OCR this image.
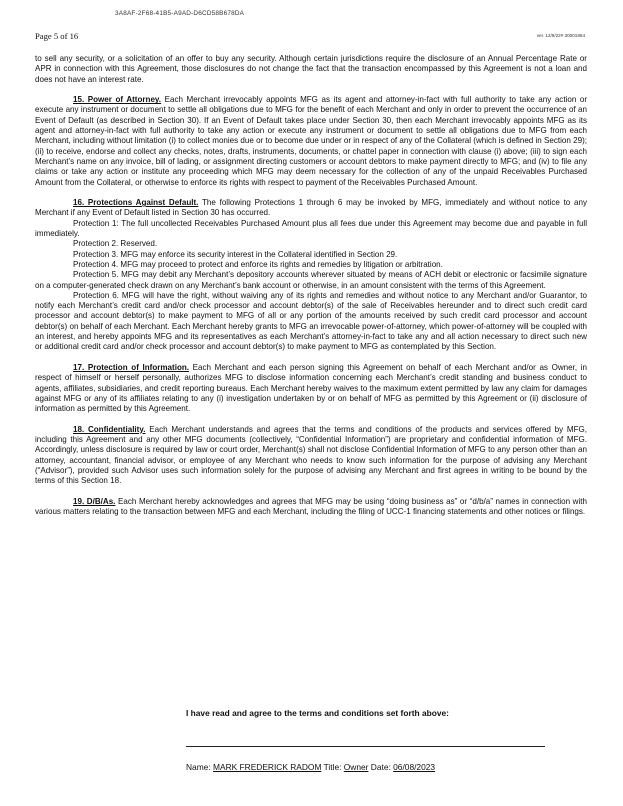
3A8AF-2F68-41B5-A9AD-D6CD58B678DA
Page 5 of 16	ver. 12/9/22# 30001864

to sell any security, or a solicitation of an offer to buy any security. Although certain jurisdictions require the disclosure of an Annual Percentage Rate or APR in connection with this Agreement, those disclosures do not change the fact that the transaction encompassed by this Agreement is not a loan and does not have an interest rate.

15. Power of Attorney. Each Merchant irrevocably appoints MFG as its agent and attorney-in-fact with full authority to take any action or execute any instrument or document to settle all obligations due to MFG for the benefit of each Merchant and only in order to prevent the occurrence of an Event of Default (as described in Section 30). If an Event of Default takes place under Section 30, then each Merchant irrevocably appoints MFG as its agent and attorney-in-fact with full authority to take any action or execute any instrument or document to settle all obligations due to MFG from each Merchant, including without limitation (i) to collect monies due or to become due under or in respect of any of the Collateral (which is defined in Section 29); (ii) to receive, endorse and collect any checks, notes, drafts, instruments, documents, or chattel paper in connection with clause (i) above; (iii) to sign each Merchant’s name on any invoice, bill of lading, or assignment directing customers or account debtors to make payment directly to MFG; and (iv) to file any claims or take any action or institute any proceeding which MFG may deem necessary for the collection of any of the unpaid Receivables Purchased Amount from the Collateral, or otherwise to enforce its rights with respect to payment of the Receivables Purchased Amount.

16. Protections Against Default. The following Protections 1 through 6 may be invoked by MFG, immediately and without notice to any Merchant if any Event of Default listed in Section 30 has occurred.

Protection 1: The full uncollected Receivables Purchased Amount plus all fees due under this Agreement may become due and payable in full immediately.

Protection 2. Reserved.

Protection 3. MFG may enforce its security interest in the Collateral identified in Section 29.

Protection 4. MFG may proceed to protect and enforce its rights and remedies by litigation or arbitration.

Protection 5. MFG may debit any Merchant’s depository accounts wherever situated by means of ACH debit or electronic or facsimile signature on a computer-generated check drawn on any Merchant’s bank account or otherwise, in an amount consistent with the terms of this Agreement.

Protection 6. MFG will have the right, without waiving any of its rights and remedies and without notice to any Merchant and/or Guarantor, to notify each Merchant’s credit card and/or check processor and account debtor(s) of the sale of Receivables hereunder and to direct such credit card processor and account debtor(s) to make payment to MFG of all or any portion of the amounts received by such credit card processor and account debtor(s) on behalf of each Merchant. Each Merchant hereby grants to MFG an irrevocable power-of-attorney, which power-of-attorney will be coupled with an interest, and hereby appoints MFG and its representatives as each Merchant’s attorney-in-fact to take any and all action necessary to direct such new or additional credit card and/or check processor and account debtor(s) to make payment to MFG as contemplated by this Section.

17. Protection of Information. Each Merchant and each person signing this Agreement on behalf of each Merchant and/or as Owner, in respect of himself or herself personally, authorizes MFG to disclose information concerning each Merchant’s credit standing and business conduct to agents, affiliates, subsidiaries, and credit reporting bureaus. Each Merchant hereby waives to the maximum extent permitted by law any claim for damages against MFG or any of its affiliates relating to any (i) investigation undertaken by or on behalf of MFG as permitted by this Agreement or (ii) disclosure of information as permitted by this Agreement.

18. Confidentiality. Each Merchant understands and agrees that the terms and conditions of the products and services offered by MFG, including this Agreement and any other MFG documents (collectively, “Confidential Information”) are proprietary and confidential information of MFG. Accordingly, unless disclosure is required by law or court order, Merchant(s) shall not disclose Confidential Information of MFG to any person other than an attorney, accountant, financial advisor, or employee of any Merchant who needs to know such information for the purpose of advising any Merchant (“Advisor”), provided such Advisor uses such information solely for the purpose of advising any Merchant and first agrees in writing to be bound by the terms of this Section 18.

19. D/B/As. Each Merchant hereby acknowledges and agrees that MFG may be using “doing business as” or “d/b/a” names in connection with various matters relating to the transaction between MFG and each Merchant, including the filing of UCC-1 financing statements and other notices or filings.

I have read and agree to the terms and conditions set forth above:
Name: MARK FREDERICK RADOM Title: Owner Date: 06/08/2023
